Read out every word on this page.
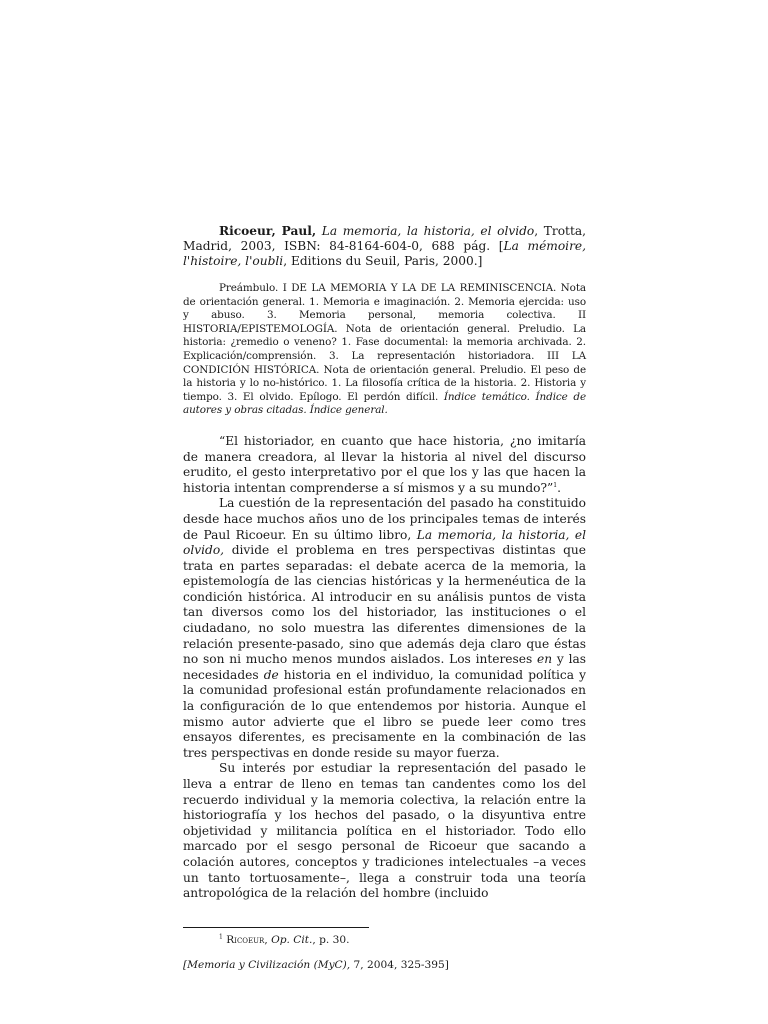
Ricoeur, Paul, La memoria, la historia, el olvido, Trotta, Madrid, 2003, ISBN: 84-8164-604-0, 688 pág. [La mémoire, l'histoire, l'oubli, Editions du Seuil, Paris, 2000.]

Preámbulo. I DE LA MEMORIA Y LA DE LA REMINISCENCIA. Nota de orientación general. 1. Memoria e imaginación. 2. Memoria ejercida: uso y abuso. 3. Memoria personal, memoria colectiva. II HISTORIA/EPISTEMOLOGÍA. Nota de orientación general. Preludio. La historia: ¿remedio o veneno? 1. Fase documental: la memoria archivada. 2. Explicación/comprensión. 3. La representación historiadora. III LA CONDICIÓN HISTÓRICA. Nota de orientación general. Preludio. El peso de la historia y lo no-histórico. 1. La filosofía crítica de la historia. 2. Historia y tiempo. 3. El olvido. Epílogo. El perdón difícil. Índice temático. Índice de autores y obras citadas. Índice general.

“El historiador, en cuanto que hace historia, ¿no imitaría de manera creadora, al llevar la historia al nivel del discurso erudito, el gesto interpretativo por el que los y las que hacen la historia intentan comprenderse a sí mismos y a su mundo?”$^1$.

La cuestión de la representación del pasado ha constituido desde hace muchos años uno de los principales temas de interés de Paul Ricoeur. En su último libro, La memoria, la historia, el olvido, divide el problema en tres perspectivas distintas que trata en partes separadas: el debate acerca de la memoria, la epistemología de las ciencias históricas y la hermenéutica de la condición histórica. Al introducir en su análisis puntos de vista tan diversos como los del historiador, las instituciones o el ciudadano, no solo muestra las diferentes dimensiones de la relación presente-pasado, sino que además deja claro que éstas no son ni mucho menos mundos aislados. Los intereses en y las necesidades de historia en el individuo, la comunidad política y la comunidad profesional están profundamente relacionados en la configuración de lo que entendemos por historia. Aunque el mismo autor advierte que el libro se puede leer como tres ensayos diferentes, es precisamente en la combinación de las tres perspectivas en donde reside su mayor fuerza.

Su interés por estudiar la representación del pasado le lleva a entrar de lleno en temas tan candentes como los del recuerdo individual y la memoria colectiva, la relación entre la historiografía y los hechos del pasado, o la disyuntiva entre objetividad y militancia política en el historiador. Todo ello marcado por el sesgo personal de Ricoeur que sacando a colación autores, conceptos y tradiciones intelectuales –a veces un tanto tortuosamente–, llega a construir toda una teoría antropológica de la relación del hombre (incluido

$^1$ Ricoeur, Op. Cit., p. 30.

[Memoria y Civilización (MyC), 7, 2004, 325-395]
